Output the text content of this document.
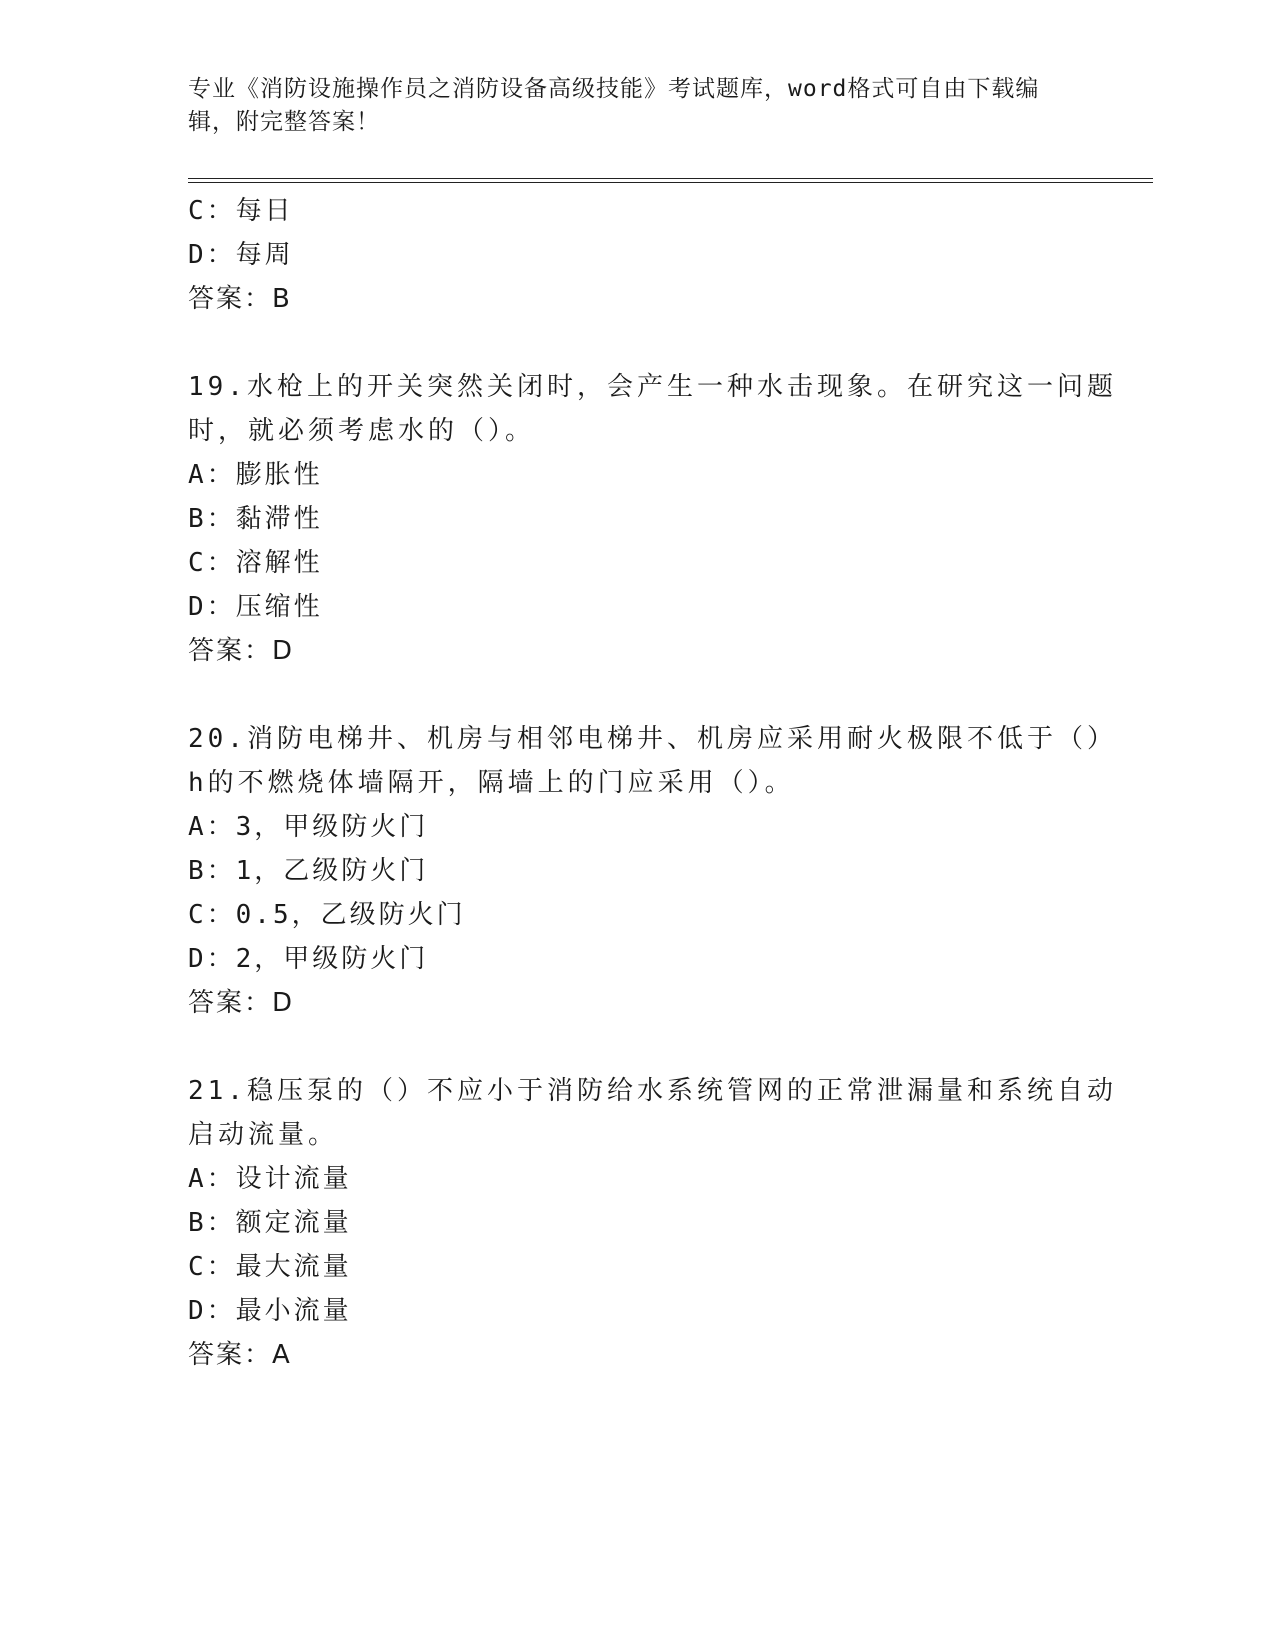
专业《消防设施操作员之消防设备高级技能》考试题库，word格式可自由下载编
辑，附完整答案！
C：每日
D：每周
答案：B
19.水枪上的开关突然关闭时，会产生一种水击现象。在研究这一问题
时，就必须考虑水的（）。
A：膨胀性
B：黏滞性
C：溶解性
D：压缩性
答案：D
20.消防电梯井、机房与相邻电梯井、机房应采用耐火极限不低于（）
h的不燃烧体墙隔开，隔墙上的门应采用（）。
A：3，甲级防火门
B：1，乙级防火门
C：0.5，乙级防火门
D：2，甲级防火门
答案：D
21.稳压泵的（）不应小于消防给水系统管网的正常泄漏量和系统自动
启动流量。
A：设计流量
B：额定流量
C：最大流量
D：最小流量
答案：A
